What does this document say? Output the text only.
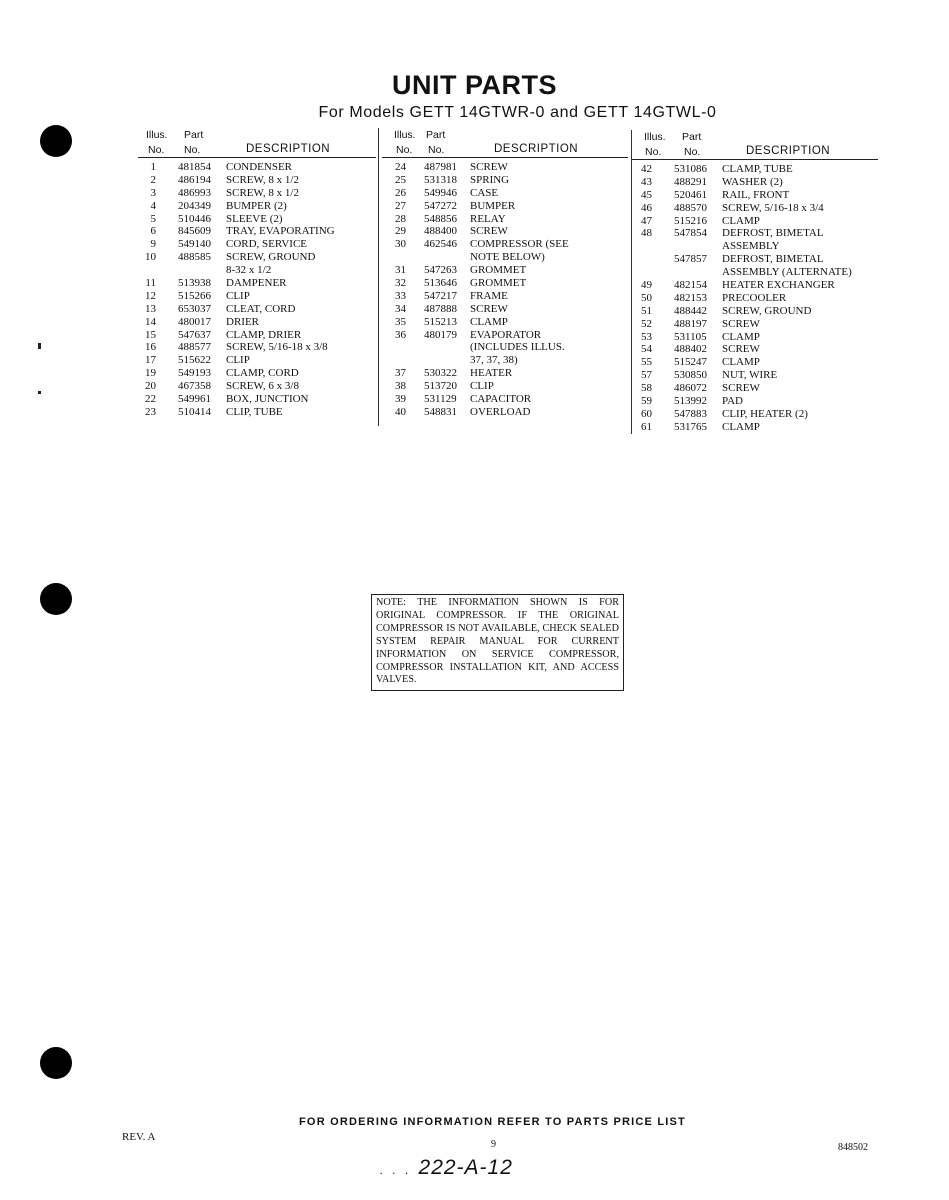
UNIT PARTS
For Models GETT 14GTWR-0 and GETT 14GTWL-0
Illus. Part
No. No.	DESCRIPTION
1 481854 CONDENSER
2 486194 SCREW, 8 x 1/2
3 486993 SCREW, 8 x 1/2
4 204349 BUMPER (2)
5 510446 SLEEVE (2)
6 845609 TRAY, EVAPORATING
9 549140 CORD, SERVICE
10 488585 SCREW, GROUND
8-32 x 1/2
11 513938 DAMPENER
12 515266 CLIP
13 653037 CLEAT, CORD
14 480017 DRIER
15 547637 CLAMP, DRIER
16 488577 SCREW, 5/16-18 x 3/8
17 515622 CLIP
19 549193 CLAMP, CORD
20 467358 SCREW, 6 x 3/8
22 549961 BOX, JUNCTION
23 510414 CLIP, TUBE
Illus. Part
No. No.	DESCRIPTION
24 487981 SCREW
25 531318 SPRING
26 549946 CASE
27 547272 BUMPER
28 548856 RELAY
29 488400 SCREW
30 462546 COMPRESSOR (SEE
NOTE BELOW)
31 547263 GROMMET
32 513646 GROMMET
33 547217 FRAME
34 487888 SCREW
35 515213 CLAMP
36 480179 EVAPORATOR
(INCLUDES ILLUS.
37, 37, 38)
37 530322 HEATER
38 513720 CLIP
39 531129 CAPACITOR
40 548831 OVERLOAD
Illus. Part
No. No.	DESCRIPTION
42 531086 CLAMP, TUBE
43 488291 WASHER (2)
45 520461 RAIL, FRONT
46 488570 SCREW, 5/16-18 x 3/4
47 515216 CLAMP
48 547854 DEFROST, BIMETAL
ASSEMBLY
547857 DEFROST, BIMETAL
ASSEMBLY (ALTERNATE)
49 482154 HEATER EXCHANGER
50 482153 PRECOOLER
51 488442 SCREW, GROUND
52 488197 SCREW
53 531105 CLAMP
54 488402 SCREW
55 515247 CLAMP
57 530850 NUT, WIRE
58 486072 SCREW
59 513992 PAD
60 547883 CLIP, HEATER (2)
61 531765 CLAMP
NOTE: THE INFORMATION SHOWN IS FOR ORIGINAL COMPRESSOR. IF THE ORIGINAL COMPRESSOR IS NOT AVAILABLE, CHECK SEALED SYSTEM REPAIR MANUAL FOR CURRENT INFORMATION ON SERVICE COMPRESSOR, COMPRESSOR INSTALLATION KIT, AND ACCESS VALVES.
FOR ORDERING INFORMATION REFER TO PARTS PRICE LIST
REV. A
9	848502
. . . 222-A-12
